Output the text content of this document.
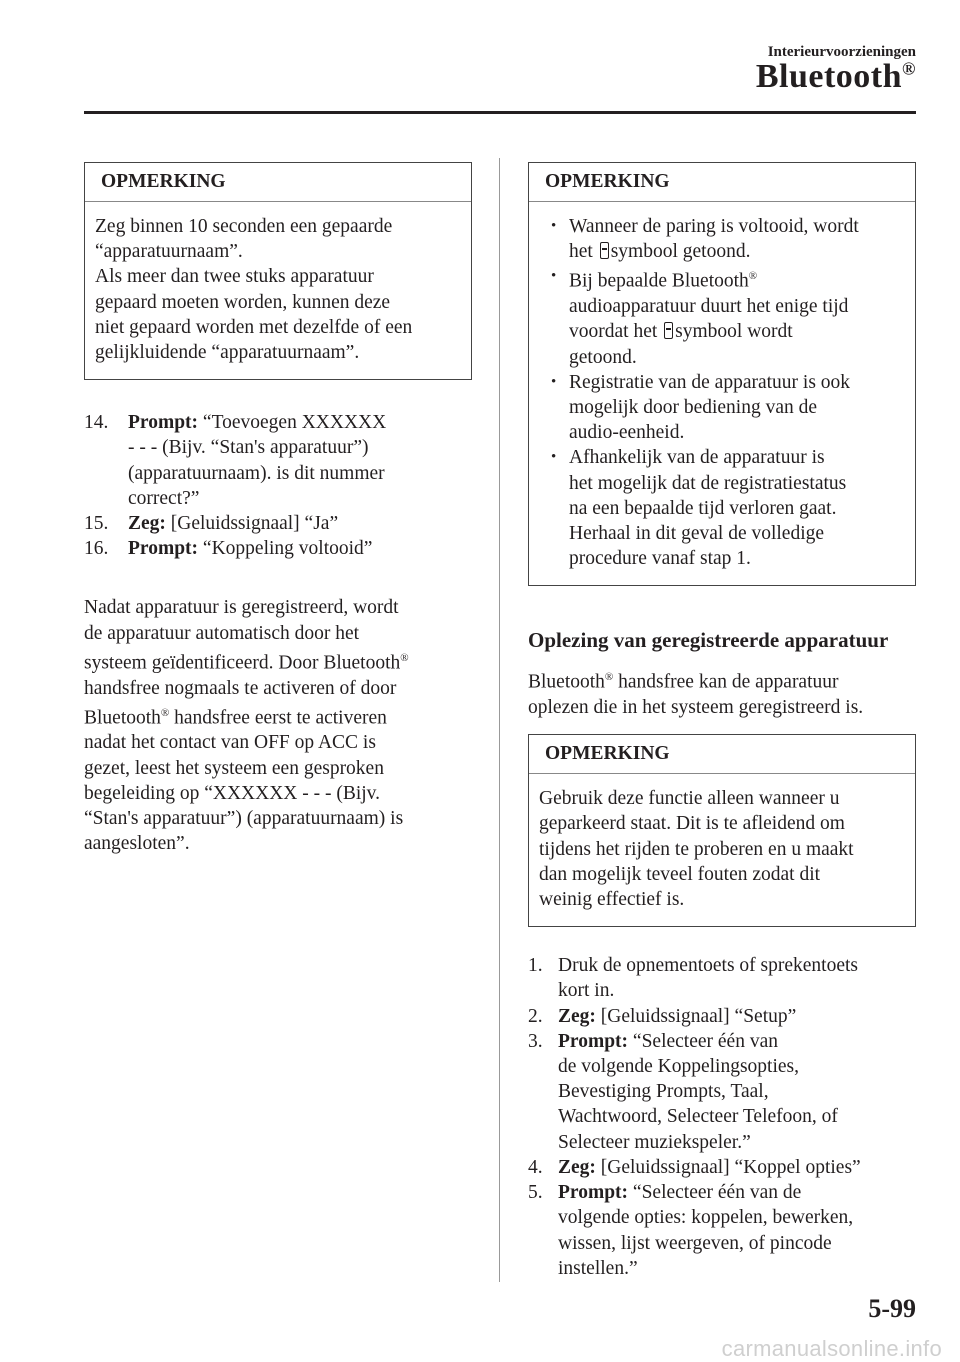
Interieurvoorzieningen
Bluetooth®
OPMERKING

Zeg binnen 10 seconden een gepaarde

“apparatuurnaam”.

Als meer dan twee stuks apparatuur

gepaard moeten worden, kunnen deze

niet gepaard worden met dezelfde of een

gelijkluidende “apparatuurnaam”.

14. Prompt: “Toevoegen XXXXXX
- - - (Bijv. “Stan's apparatuur”)
(apparatuurnaam). is dit nummer
correct?”
15. Zeg: [Geluidssignaal] “Ja”
16. Prompt: “Koppeling voltooid”

Nadat apparatuur is geregistreerd, wordt

de apparatuur automatisch door het

systeem geïdentificeerd. Door Bluetooth®

handsfree nogmaals te activeren of door

Bluetooth® handsfree eerst te activeren

nadat het contact van OFF op ACC is

gezet, leest het systeem een gesproken

begeleiding op “XXXXXX - - - (Bijv.

“Stan's apparatuur”) (apparatuurnaam) is

aangesloten”.

OPMERKING
• Wanneer de paring is voltooid, wordt
het symbool getoond.
• Bij bepaalde Bluetooth®
audioapparatuur duurt het enige tijd
voordat het symbool wordt
getoond.
• Registratie van de apparatuur is ook
mogelijk door bediening van de
audio-eenheid.
• Afhankelijk van de apparatuur is
het mogelijk dat de registratiestatus
na een bepaalde tijd verloren gaat.
Herhaal in dit geval de volledige
procedure vanaf stap 1.
Oplezing van geregistreerde apparatuur

Bluetooth® handsfree kan de apparatuur

oplezen die in het systeem geregistreerd is.

OPMERKING

Gebruik deze functie alleen wanneer u

geparkeerd staat. Dit is te afleidend om

tijdens het rijden te proberen en u maakt

dan mogelijk teveel fouten zodat dit

weinig effectief is.

1. Druk de opnementoets of sprekentoets
kort in.
2. Zeg: [Geluidssignaal] “Setup”
3. Prompt: “Selecteer één van
de volgende Koppelingsopties,
Bevestiging Prompts, Taal,
Wachtwoord, Selecteer Telefoon, of
Selecteer muziekspeler.”
4. Zeg: [Geluidssignaal] “Koppel opties”
5. Prompt: “Selecteer één van de
volgende opties: koppelen, bewerken,
wissen, lijst weergeven, of pincode
instellen.”
5-99
carmanualsonline.info
